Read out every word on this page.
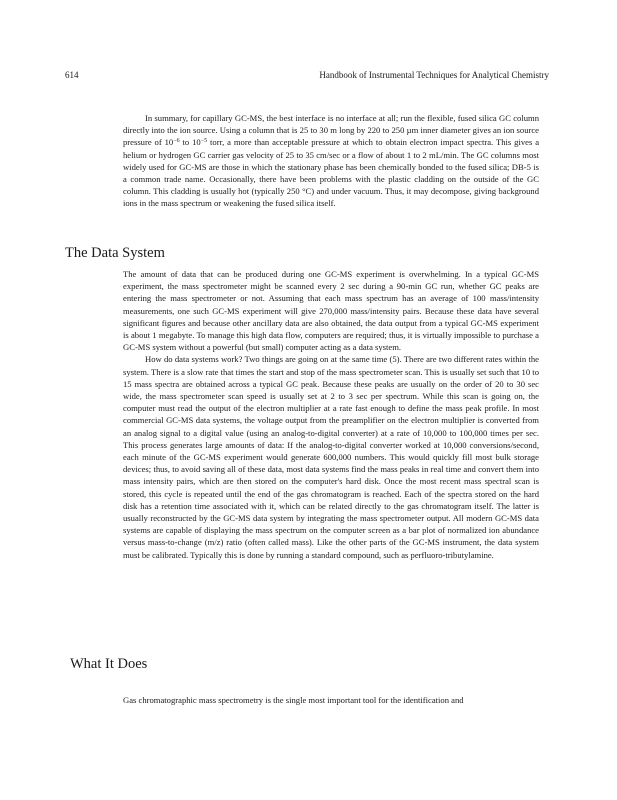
614	Handbook of Instrumental Techniques for Analytical Chemistry

In summary, for capillary GC-MS, the best interface is no interface at all; run the flexible, fused silica GC column directly into the ion source. Using a column that is 25 to 30 m long by 220 to 250 µm inner diameter gives an ion source pressure of $10^{-6}$ to $10^{-5}$ torr, a more than acceptable pressure at which to obtain electron impact spectra. This gives a helium or hydrogen GC carrier gas velocity of 25 to 35 cm/sec or a flow of about 1 to 2 mL/min. The GC columns most widely used for GC-MS are those in which the stationary phase has been chemically bonded to the fused silica; DB-5 is a common trade name. Occasionally, there have been problems with the plastic cladding on the outside of the GC column. This cladding is usually hot (typically 250 °C) and under vacuum. Thus, it may decompose, giving background ions in the mass spectrum or weakening the fused silica itself.

The Data System

The amount of data that can be produced during one GC-MS experiment is overwhelming. In a typical GC-MS experiment, the mass spectrometer might be scanned every 2 sec during a 90-min GC run, whether GC peaks are entering the mass spectrometer or not. Assuming that each mass spectrum has an average of 100 mass/intensity measurements, one such GC-MS experiment will give 270,000 mass/intensity pairs. Because these data have several significant figures and because other ancillary data are also obtained, the data output from a typical GC-MS experiment is about 1 megabyte. To manage this high data flow, computers are required; thus, it is virtually impossible to purchase a GC-MS system without a powerful (but small) computer acting as a data system.

How do data systems work? Two things are going on at the same time (5). There are two different rates within the system. There is a slow rate that times the start and stop of the mass spectrometer scan. This is usually set such that 10 to 15 mass spectra are obtained across a typical GC peak. Because these peaks are usually on the order of 20 to 30 sec wide, the mass spectrometer scan speed is usually set at 2 to 3 sec per spectrum. While this scan is going on, the computer must read the output of the electron multiplier at a rate fast enough to define the mass peak profile. In most commercial GC-MS data systems, the voltage output from the preamplifier on the electron multiplier is converted from an analog signal to a digital value (using an analog-to-digital converter) at a rate of 10,000 to 100,000 times per sec. This process generates large amounts of data: If the analog-to-digital converter worked at 10,000 conversions/second, each minute of the GC-MS experiment would generate 600,000 numbers. This would quickly fill most bulk storage devices; thus, to avoid saving all of these data, most data systems find the mass peaks in real time and convert them into mass intensity pairs, which are then stored on the computer's hard disk. Once the most recent mass spectral scan is stored, this cycle is repeated until the end of the gas chromatogram is reached. Each of the spectra stored on the hard disk has a retention time associated with it, which can be related directly to the gas chromatogram itself. The latter is usually reconstructed by the GC-MS data system by integrating the mass spectrometer output. All modern GC-MS data systems are capable of displaying the mass spectrum on the computer screen as a bar plot of normalized ion abundance versus mass-to-change (m/z) ratio (often called mass). Like the other parts of the GC-MS instrument, the data system must be calibrated. Typically this is done by running a standard compound, such as perfluoro-tributylamine.

What It Does

Gas chromatographic mass spectrometry is the single most important tool for the identification and
